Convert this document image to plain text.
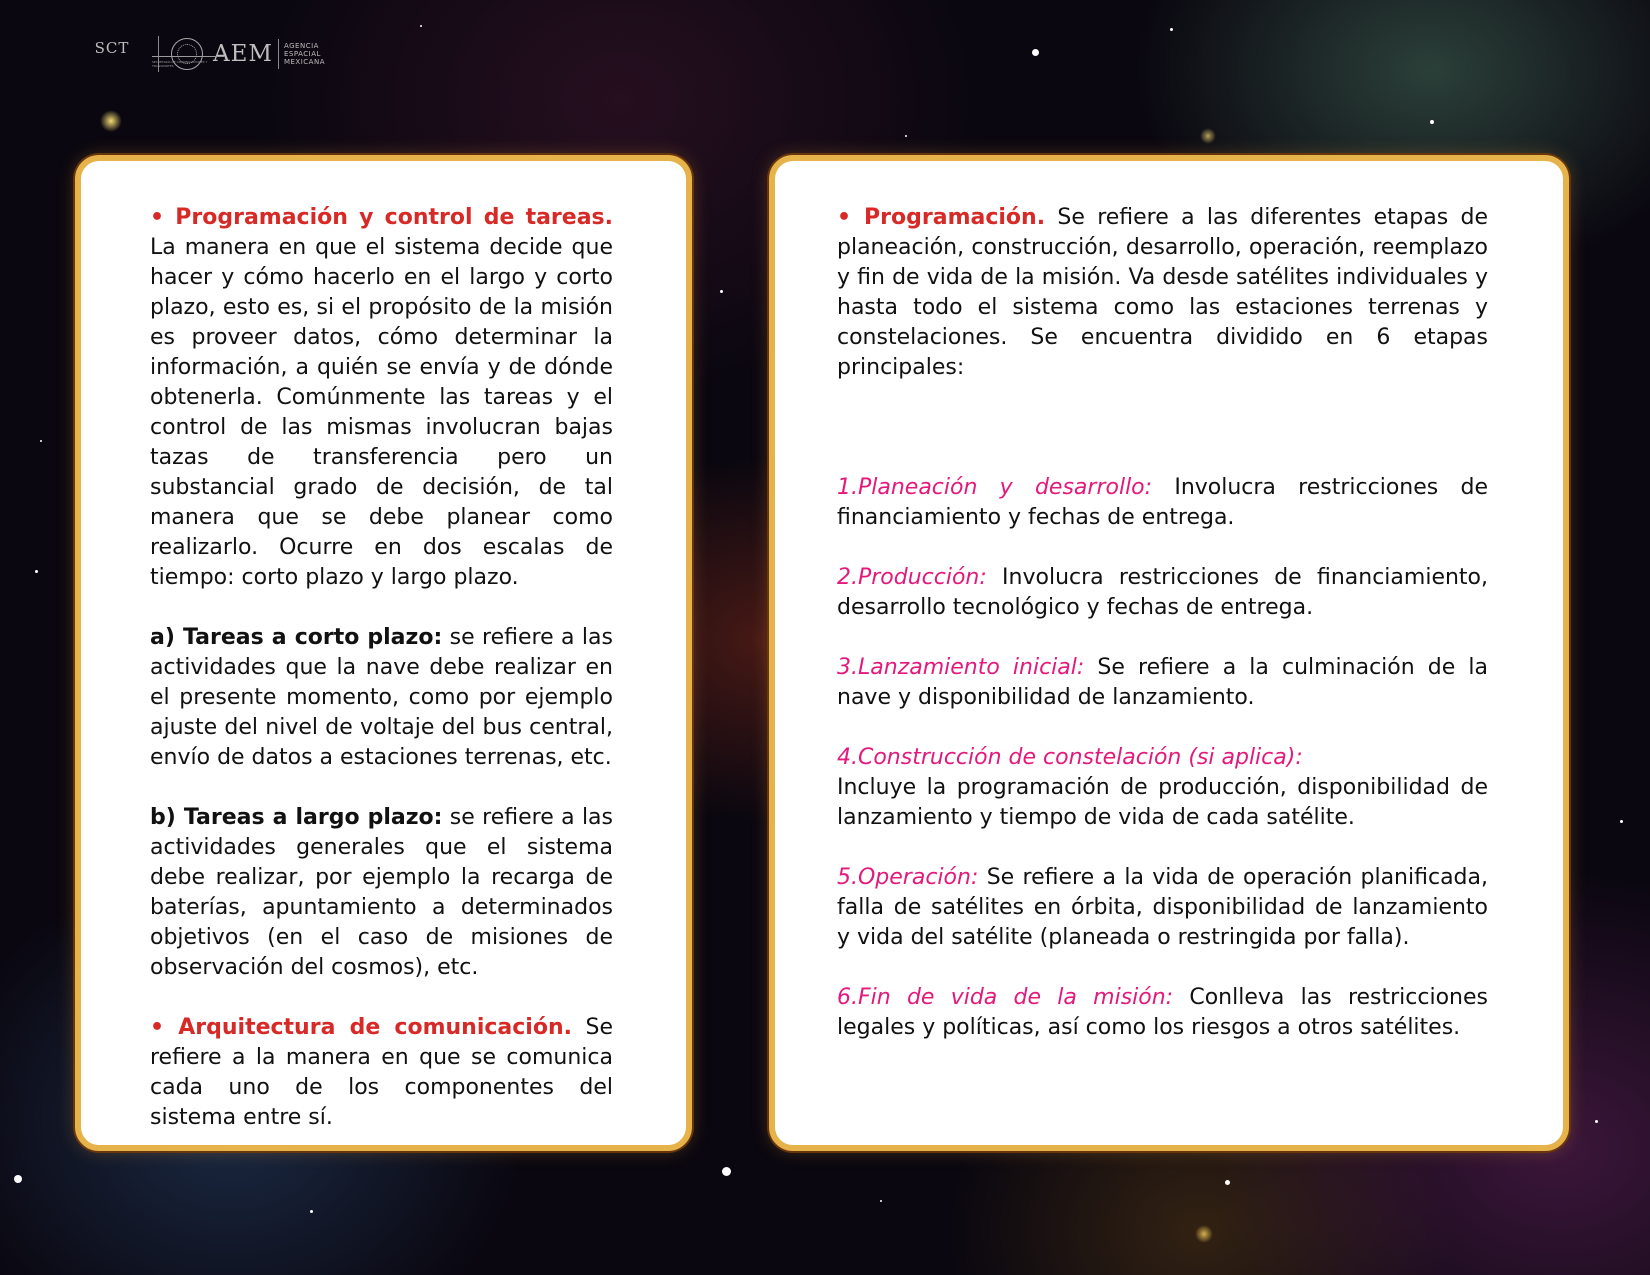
SCT
SECRETARÍA DE COMUNICACIONES Y TRANSPORTES	AEM AGENCIA
ESPACIAL
MEXICANA

• Programación y control de tareas. La manera en que el sistema decide que hacer y cómo hacerlo en el largo y corto plazo, esto es, si el propósito de la misión es proveer datos, cómo determinar la información, a quién se envía y de dónde obtenerla. Comúnmente las tareas y el control de las mismas involucran bajas tazas de transferencia pero un substancial grado de decisión, de tal manera que se debe planear como realizarlo. Ocurre en dos escalas de tiempo: corto plazo y largo plazo.

a) Tareas a corto plazo: se refiere a las actividades que la nave debe realizar en el presente momento, como por ejemplo ajuste del nivel de voltaje del bus central, envío de datos a estaciones terrenas, etc.

b) Tareas a largo plazo: se refiere a las actividades generales que el sistema debe realizar, por ejemplo la recarga de baterías, apuntamiento a determinados objetivos (en el caso de misiones de observación del cosmos), etc.

• Arquitectura de comunicación. Se refiere a la manera en que se comunica cada uno de los componentes del sistema entre sí.

• Programación. Se refiere a las diferentes etapas de planeación, construcción, desarrollo, operación, reemplazo y fin de vida de la misión. Va desde satélites individuales y hasta todo el sistema como las estaciones terrenas y constelaciones. Se encuentra dividido en 6 etapas principales:

1.Planeación y desarrollo: Involucra restricciones de financiamiento y fechas de entrega.

2.Producción: Involucra restricciones de financiamiento, desarrollo tecnológico y fechas de entrega.

3.Lanzamiento inicial: Se refiere a la culminación de la nave y disponibilidad de lanzamiento.

4.Construcción de constelación (si aplica):
Incluye la programación de producción, disponibilidad de lanzamiento y tiempo de vida de cada satélite.

5.Operación: Se refiere a la vida de operación planificada, falla de satélites en órbita, disponibilidad de lanzamiento y vida del satélite (planeada o restringida por falla).

6.Fin de vida de la misión: Conlleva las restricciones legales y políticas, así como los riesgos a otros satélites.
